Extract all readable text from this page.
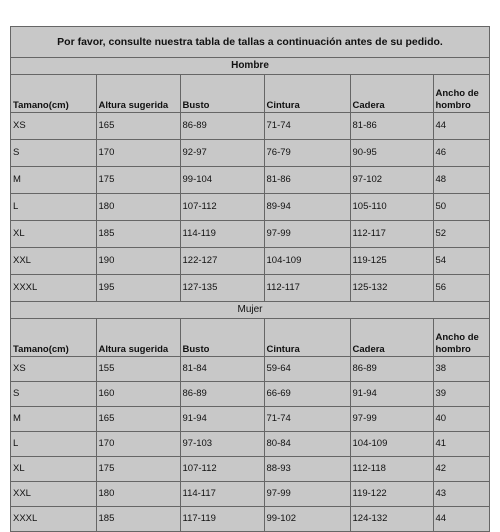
Por favor, consulte nuestra tabla de tallas a continuación antes de su pedido.
Hombre
Tamano(cm)	Altura sugerida	Busto	Cintura	Cadera	Ancho de hombro
XS	165	86-89	71-74	81-86	44
S	170	92-97	76-79	90-95	46
M	175	99-104	81-86	97-102	48
L	180	107-112	89-94	105-110	50
XL	185	114-119	97-99	112-117	52
XXL	190	122-127	104-109	119-125	54
XXXL	195	127-135	112-117	125-132	56
Mujer
Tamano(cm)	Altura sugerida	Busto	Cintura	Cadera	Ancho de hombro
XS	155	81-84	59-64	86-89	38
S	160	86-89	66-69	91-94	39
M	165	91-94	71-74	97-99	40
L	170	97-103	80-84	104-109	41
XL	175	107-112	88-93	112-118	42
XXL	180	114-117	97-99	119-122	43
XXXL	185	117-119	99-102	124-132	44
